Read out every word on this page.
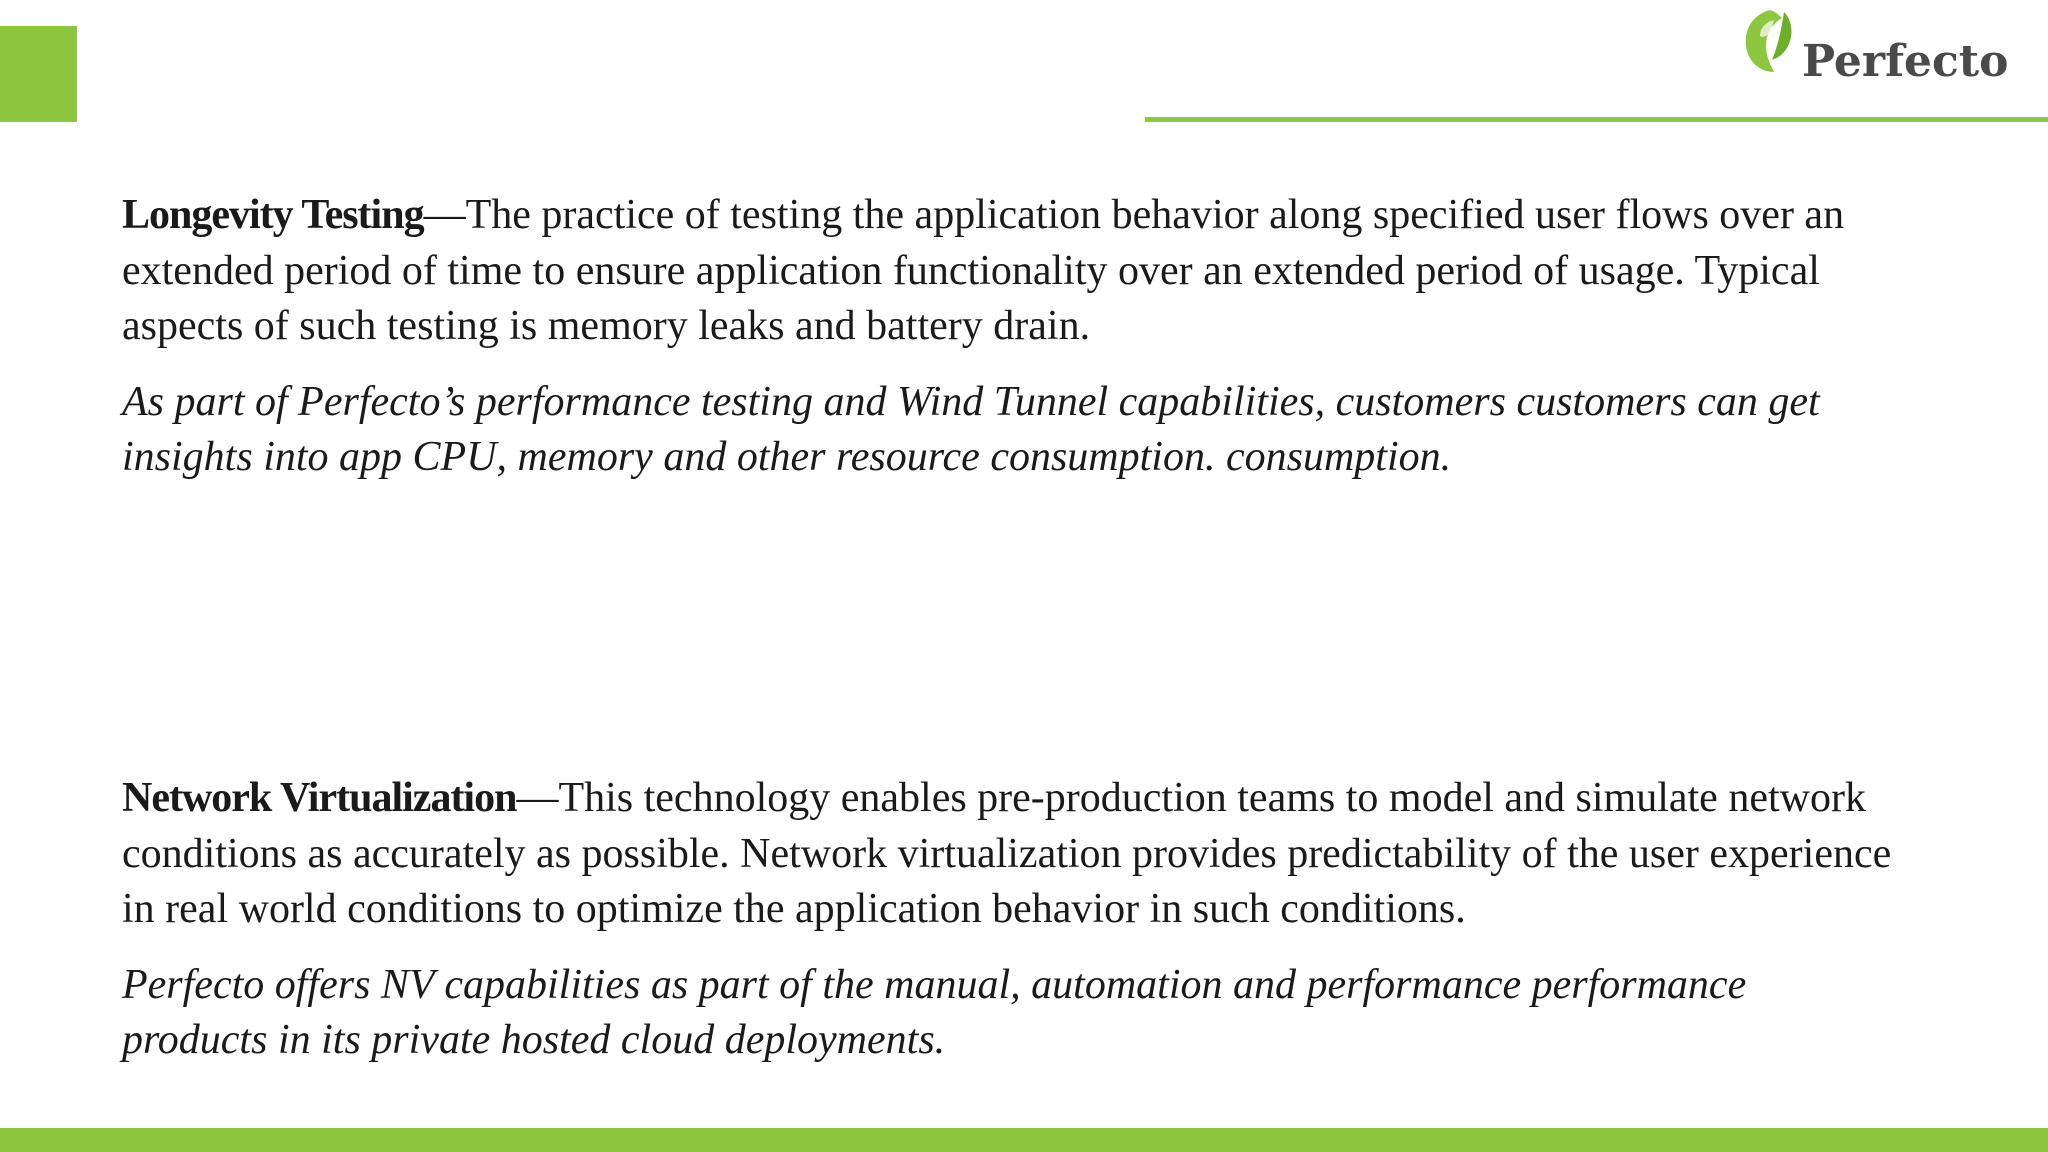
Perfecto

Longevity Testing—The practice of testing the application behavior along specified user flows over an extended period of time to ensure application functionality over an extended period of usage. Typical aspects of such testing is memory leaks and battery drain.

As part of Perfecto’s performance testing and Wind Tunnel capabilities, customers customers can get insights into app CPU, memory and other resource consumption. consumption.

Network Virtualization—This technology enables pre-production teams to model and simulate network conditions as accurately as possible. Network virtualization provides predictability of the user experience in real world conditions to optimize the application behavior in such conditions.

Perfecto offers NV capabilities as part of the manual, automation and performance performance products in its private hosted cloud deployments.
